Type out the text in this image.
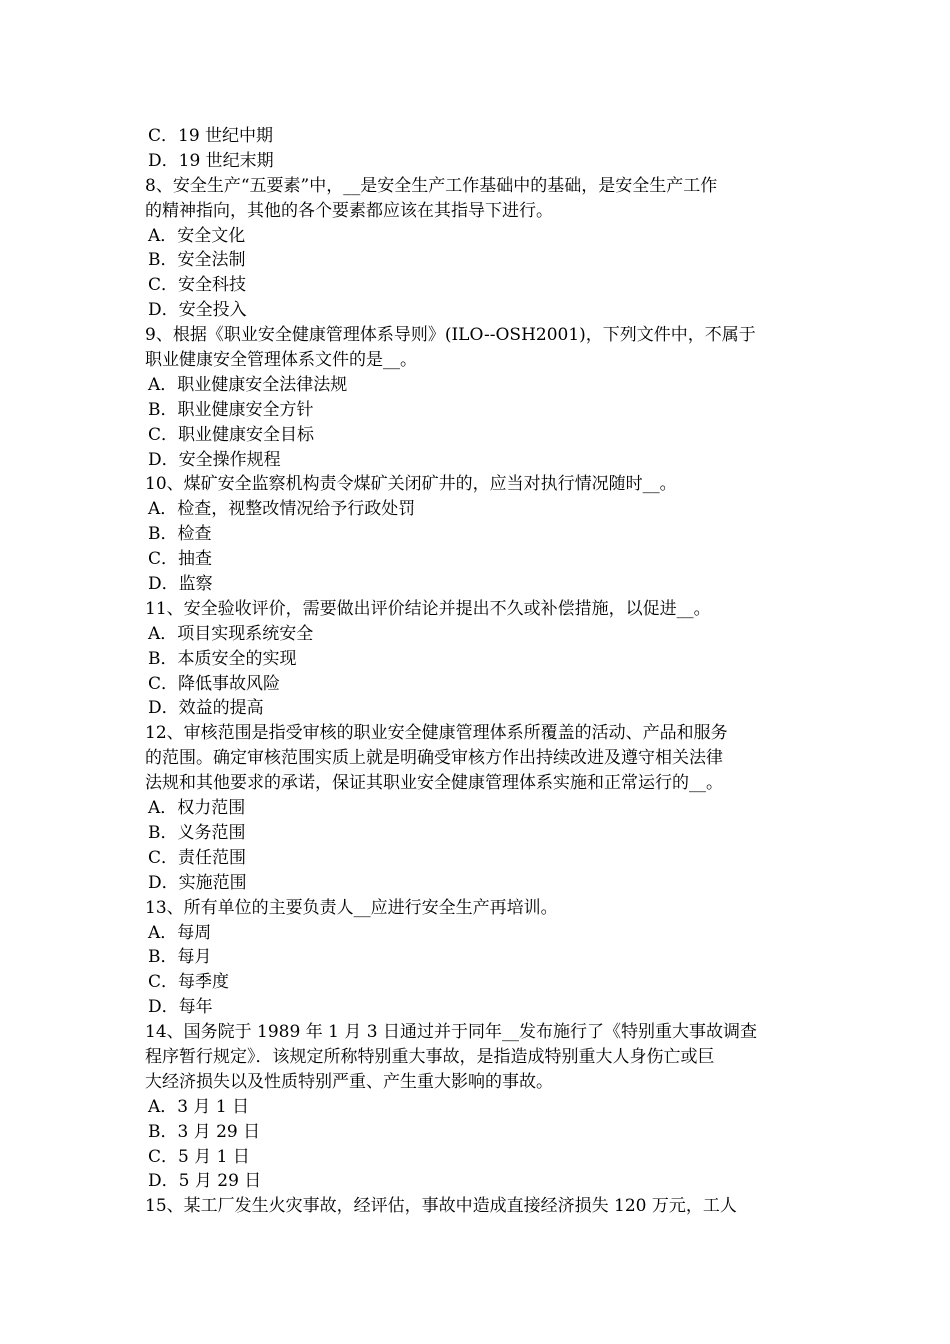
C．19 世纪中期
D．19 世纪末期
8、安全生产“五要素”中，__是安全生产工作基础中的基础，是安全生产工作
的精神指向，其他的各个要素都应该在其指导下进行。
A．安全文化
B．安全法制
C．安全科技
D．安全投入
9、根据《职业安全健康管理体系导则》(ILO--OSH2001)，下列文件中，不属于
职业健康安全管理体系文件的是__。
A．职业健康安全法律法规
B．职业健康安全方针
C．职业健康安全目标
D．安全操作规程
10、煤矿安全监察机构责令煤矿关闭矿井的，应当对执行情况随时__。
A．检查，视整改情况给予行政处罚
B．检查
C．抽查
D．监察
11、安全验收评价，需要做出评价结论并提出不久或补偿措施，以促进__。
A．项目实现系统安全
B．本质安全的实现
C．降低事故风险
D．效益的提高
12、审核范围是指受审核的职业安全健康管理体系所覆盖的活动、产品和服务
的范围。确定审核范围实质上就是明确受审核方作出持续改进及遵守相关法律
法规和其他要求的承诺，保证其职业安全健康管理体系实施和正常运行的__。
A．权力范围
B．义务范围
C．责任范围
D．实施范围
13、所有单位的主要负责人__应进行安全生产再培训。
A．每周
B．每月
C．每季度
D．每年
14、国务院于 1989 年 1 月 3 日通过并于同年__发布施行了《特别重大事故调查
程序暂行规定》．该规定所称特别重大事故，是指造成特别重大人身伤亡或巨
大经济损失以及性质特别严重、产生重大影响的事故。
A．3 月 1 日
B．3 月 29 日
C．5 月 1 日
D．5 月 29 日
15、某工厂发生火灾事故，经评估，事故中造成直接经济损失 120 万元，工人
